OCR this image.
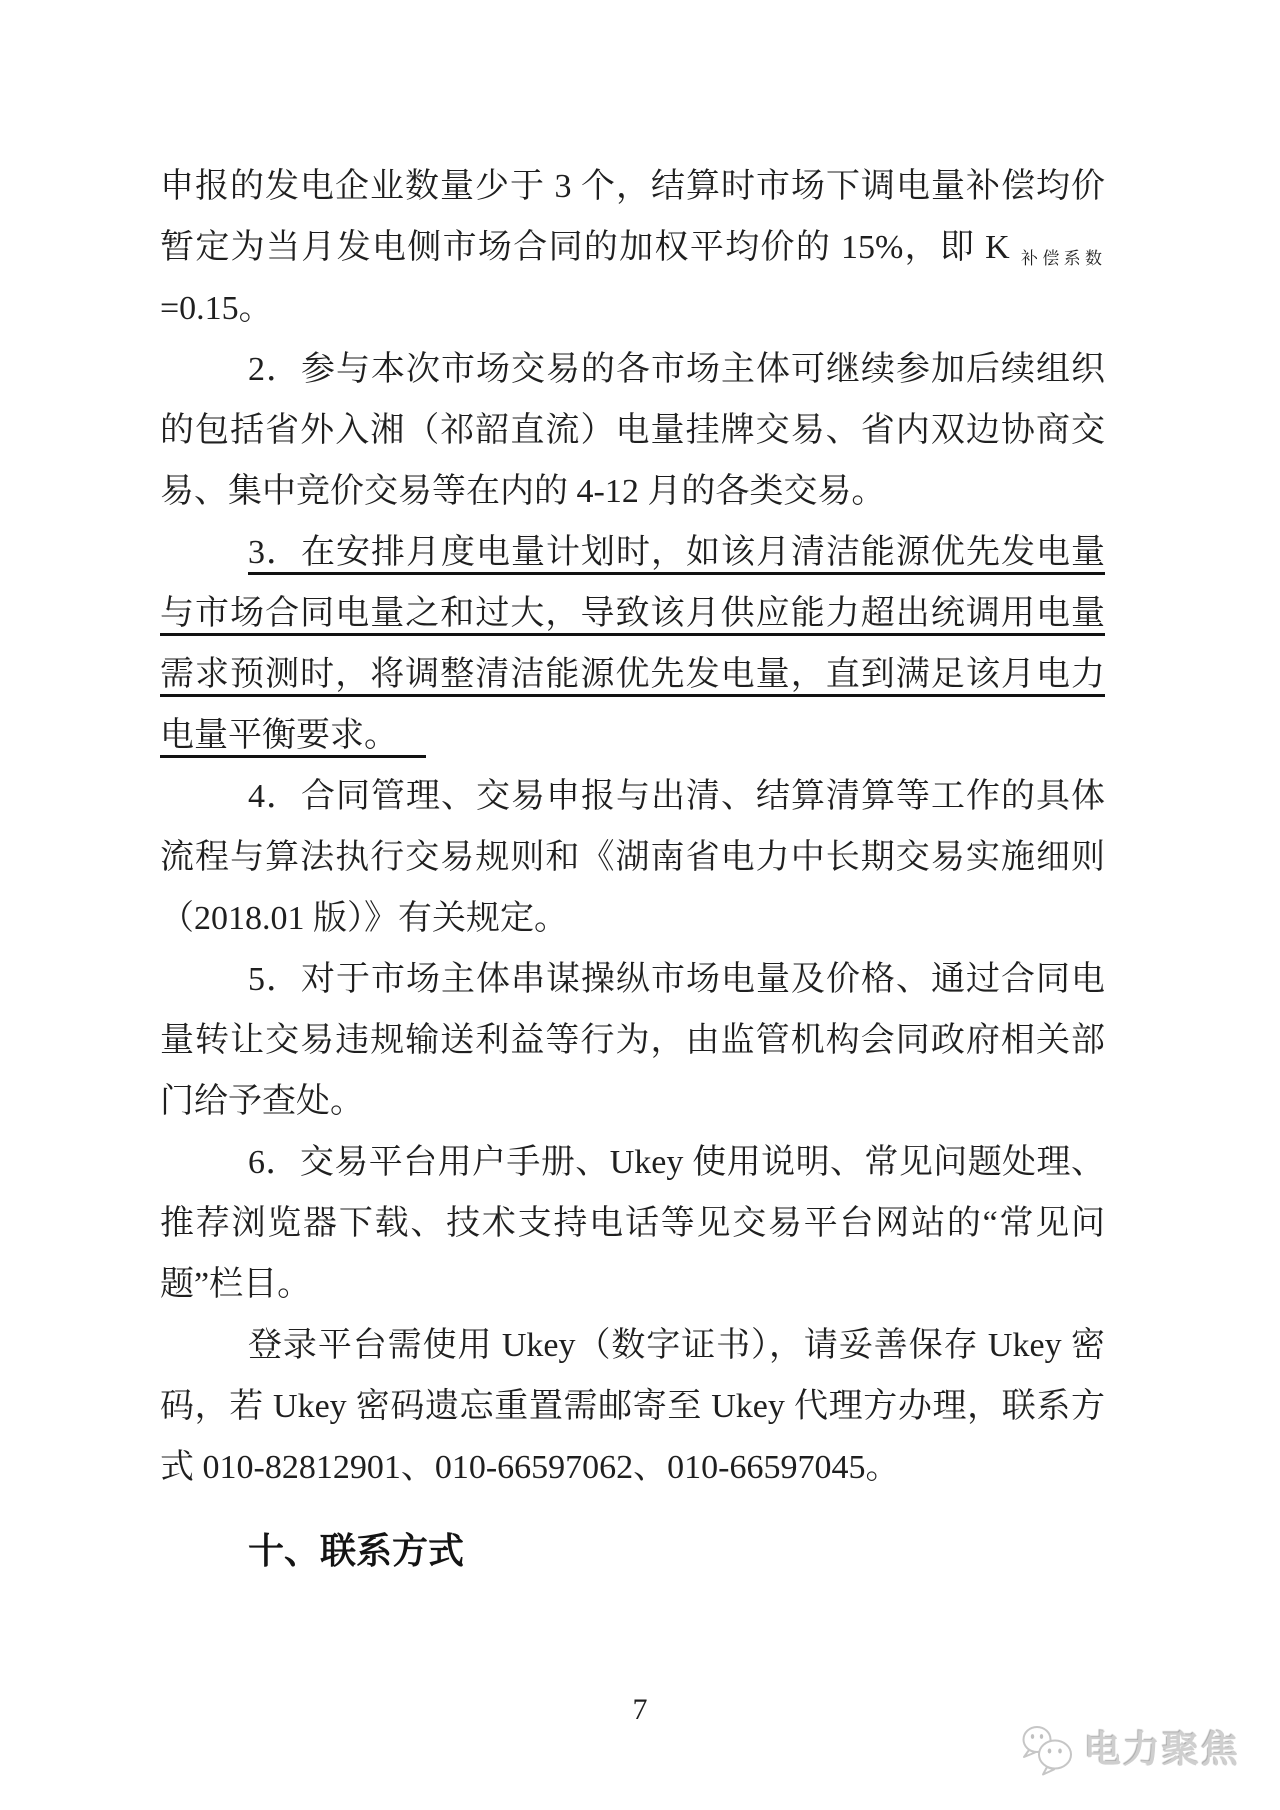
申报的发电企业数量少于 3 个，结算时市场下调电量补偿均价
暂定为当月发电侧市场合同的加权平均价的 15%，即 K $_{补偿系数}$
=0.15。
2．参与本次市场交易的各市场主体可继续参加后续组织
的包括省外入湘（祁韶直流）电量挂牌交易、省内双边协商交
易、集中竞价交易等在内的 4-12 月的各类交易。
3．在安排月度电量计划时，如该月清洁能源优先发电量
与市场合同电量之和过大，导致该月供应能力超出统调用电量
需求预测时，将调整清洁能源优先发电量，直到满足该月电力
电量平衡要求。
4．合同管理、交易申报与出清、结算清算等工作的具体
流程与算法执行交易规则和《湖南省电力中长期交易实施细则
（2018.01 版）》有关规定。
5．对于市场主体串谋操纵市场电量及价格、通过合同电
量转让交易违规输送利益等行为，由监管机构会同政府相关部
门给予查处。
6．交易平台用户手册、Ukey 使用说明、常见问题处理、
推荐浏览器下载、技术支持电话等见交易平台网站的“常见问
题”栏目。
登录平台需使用 Ukey（数字证书），请妥善保存 Ukey 密
码，若 Ukey 密码遗忘重置需邮寄至 Ukey 代理方办理，联系方
式 010-82812901、010-66597062、010-66597045。
十、联系方式
7
电力聚焦
